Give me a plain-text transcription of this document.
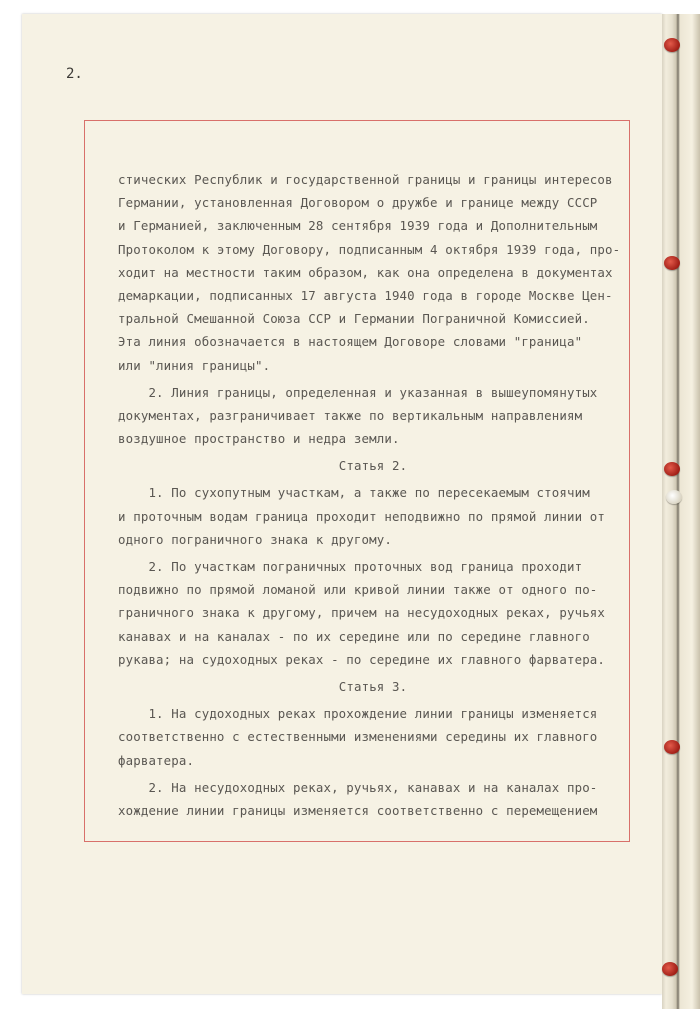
2.
стических Республик и государственной границы и границы интересов
Германии, установленная Договором о дружбе и границе между СССР
и Германией, заключенным 28 сентября 1939 года и Дополнительным
Протоколом к этому Договору, подписанным 4 октября 1939 года, про-
ходит на местности таким образом, как она определена в документах
демаркации, подписанных 17 августа 1940 года в городе Москве Цен-
тральной Смешанной Союза ССР и Германии Пограничной Комиссией.
Эта линия обозначается в настоящем Договоре словами "граница"
или "линия границы".
2. Линия границы, определенная и указанная в вышеупомянутых
документах, разграничивает также по вертикальным направлениям
воздушное пространство и недра земли.
Статья 2.
1. По сухопутным участкам, а также по пересекаемым стоячим
и проточным водам граница проходит неподвижно по прямой линии от
одного пограничного знака к другому.
2. По участкам пограничных проточных вод граница проходит
подвижно по прямой ломаной или кривой линии также от одного по-
граничного знака к другому, причем на несудоходных реках, ручьях
канавах и на каналах - по их середине или по середине главного
рукава; на судоходных реках - по середине их главного фарватера.
Статья 3.
1. На судоходных реках прохождение линии границы изменяется
соответственно с естественными изменениями середины их главного
фарватера.
2. На несудоходных реках, ручьях, канавах и на каналах про-
хождение линии границы изменяется соответственно с перемещением
